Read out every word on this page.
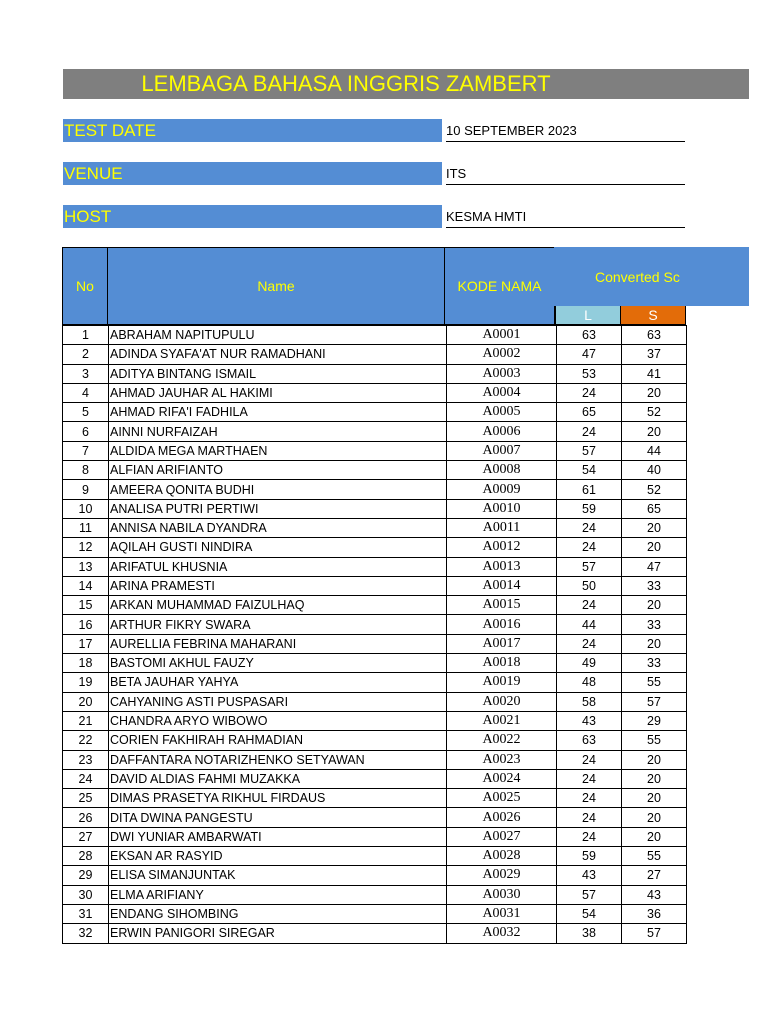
LEMBAGA BAHASA INGGRIS ZAMBERT
TEST DATE	10 SEPTEMBER 2023
VENUE	ITS
HOST	KESMA HMTI
No	Name	KODE NAMA
Converted Sc
L	S
1	ABRAHAM NAPITUPULU	A0001	63	63
2	ADINDA SYAFA'AT NUR RAMADHANI	A0002	47	37
3	ADITYA BINTANG ISMAIL	A0003	53	41
4	AHMAD JAUHAR AL HAKIMI	A0004	24	20
5	AHMAD RIFA'I FADHILA	A0005	65	52
6	AINNI NURFAIZAH	A0006	24	20
7	ALDIDA MEGA MARTHAEN	A0007	57	44
8	ALFIAN ARIFIANTO	A0008	54	40
9	AMEERA QONITA BUDHI	A0009	61	52
10	ANALISA PUTRI PERTIWI	A0010	59	65
11	ANNISA NABILA DYANDRA	A0011	24	20
12	AQILAH GUSTI NINDIRA	A0012	24	20
13	ARIFATUL KHUSNIA	A0013	57	47
14	ARINA PRAMESTI	A0014	50	33
15	ARKAN MUHAMMAD FAIZULHAQ	A0015	24	20
16	ARTHUR FIKRY SWARA	A0016	44	33
17	AURELLIA FEBRINA MAHARANI	A0017	24	20
18	BASTOMI AKHUL FAUZY	A0018	49	33
19	BETA JAUHAR YAHYA	A0019	48	55
20	CAHYANING ASTI PUSPASARI	A0020	58	57
21	CHANDRA ARYO WIBOWO	A0021	43	29
22	CORIEN FAKHIRAH RAHMADIAN	A0022	63	55
23	DAFFANTARA NOTARIZHENKO SETYAWAN	A0023	24	20
24	DAVID ALDIAS FAHMI MUZAKKA	A0024	24	20
25	DIMAS PRASETYA RIKHUL FIRDAUS	A0025	24	20
26	DITA DWINA PANGESTU	A0026	24	20
27	DWI YUNIAR AMBARWATI	A0027	24	20
28	EKSAN AR RASYID	A0028	59	55
29	ELISA SIMANJUNTAK	A0029	43	27
30	ELMA ARIFIANY	A0030	57	43
31	ENDANG SIHOMBING	A0031	54	36
32	ERWIN PANIGORI SIREGAR	A0032	38	57
